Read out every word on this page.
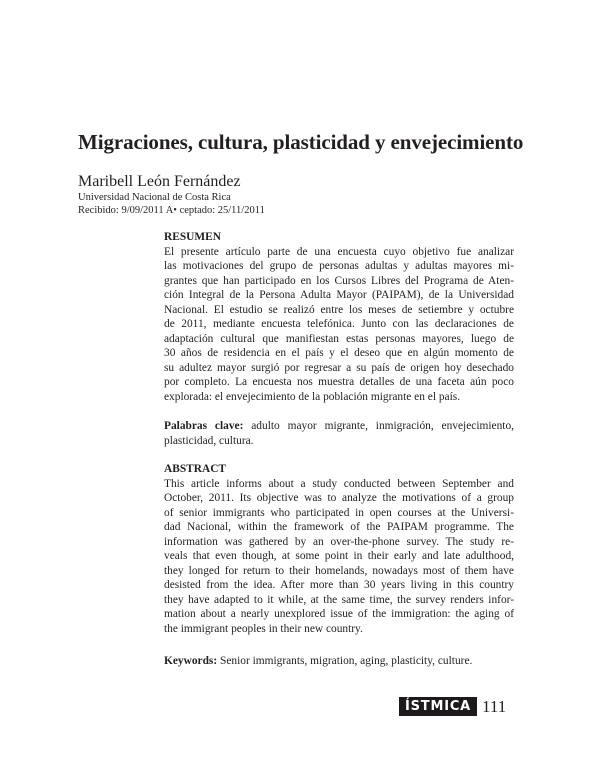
Migraciones, cultura, plasticidad y envejecimiento
Maribell León Fernández
Universidad Nacional de Costa Rica
Recibido: 9/09/2011 A• ceptado: 25/11/2011
RESUMEN
El presente artículo parte de una encuesta cuyo objetivo fue analizar
las motivaciones del grupo de personas adultas y adultas mayores mi-
grantes que han participado en los Cursos Libres del Programa de Aten-
ción Integral de la Persona Adulta Mayor (PAIPAM), de la Universidad
Nacional. El estudio se realizó entre los meses de setiembre y octubre
de 2011, mediante encuesta telefónica. Junto con las declaraciones de
adaptación cultural que manifiestan estas personas mayores, luego de
30 años de residencia en el país y el deseo que en algún momento de
su adultez mayor surgió por regresar a su país de origen hoy desechado
por completo. La encuesta nos muestra detalles de una faceta aún poco
explorada: el envejecimiento de la población migrante en el país.
Palabras clave: adulto mayor migrante, inmigración, envejecimiento,
plasticidad, cultura.
ABSTRACT
This article informs about a study conducted between September and
October, 2011. Its objective was to analyze the motivations of a group
of senior immigrants who participated in open courses at the Universi-
dad Nacional, within the framework of the PAIPAM programme. The
information was gathered by an over-the-phone survey. The study re-
veals that even though, at some point in their early and late adulthood,
they longed for return to their homelands, nowadays most of them have
desisted from the idea. After more than 30 years living in this country
they have adapted to it while, at the same time, the survey renders infor-
mation about a nearly unexplored issue of the immigration: the aging of
the immigrant peoples in their new country.
Keywords: Senior immigrants, migration, aging, plasticity, culture.
ÍSTMICA 111
